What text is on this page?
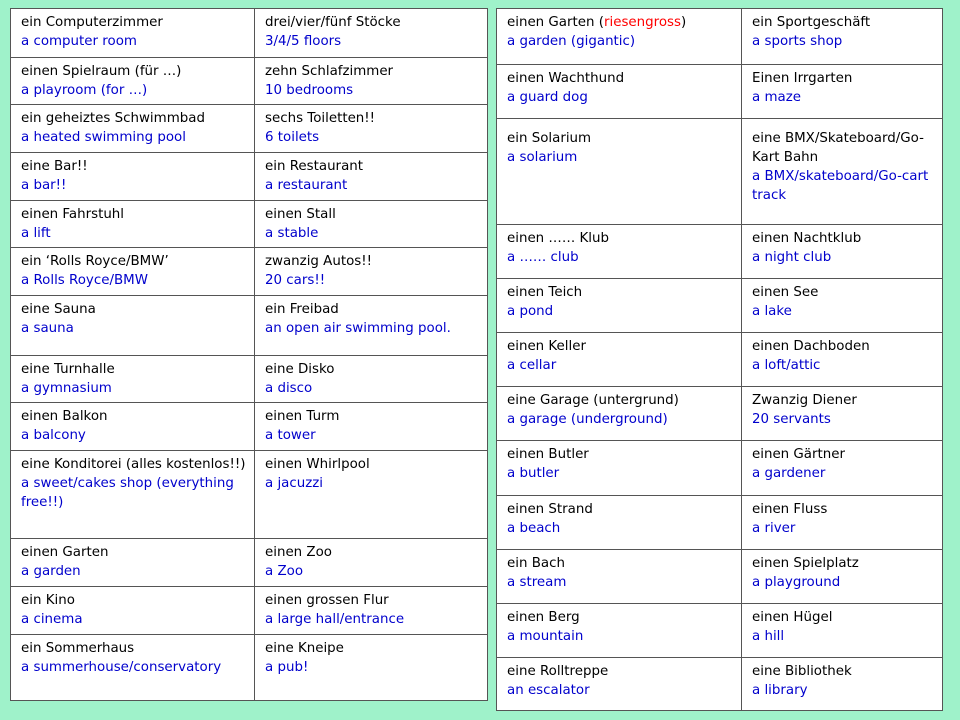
ein Computerzimmer
a computer room	drei/vier/fünf Stöcke
3/4/5 floors

einen Spielraum (für …)
a playroom (for …)	zehn Schlafzimmer
10 bedrooms

ein geheiztes Schwimmbad
a heated swimming pool	sechs Toiletten!!
6 toilets

eine Bar!!
a bar!!	ein Restaurant
a restaurant

einen Fahrstuhl
a lift	einen Stall
a stable

ein ‘Rolls Royce/BMW’
a Rolls Royce/BMW	zwanzig Autos!!
20 cars!!

eine Sauna
a sauna	ein Freibad
an open air swimming pool.

eine Turnhalle
a gymnasium	eine Disko
a disco

einen Balkon
a balcony	einen Turm
a tower

eine Konditorei (alles kostenlos!!)
a sweet/cakes shop (everything free!!)	einen Whirlpool
a jacuzzi

einen Garten
a garden	einen Zoo
a Zoo

ein Kino
a cinema	einen grossen Flur
a large hall/entrance

ein Sommerhaus
a summerhouse/conservatory	eine Kneipe
a pub!
einen Garten (riesengross)
a garden (gigantic)	ein Sportgeschäft
a sports shop

einen Wachthund
a guard dog	Einen Irrgarten
a maze

ein Solarium
a solarium	eine BMX/Skateboard/Go-Kart Bahn
a BMX/skateboard/Go-cart track

einen …… Klub
a …… club	einen Nachtklub
a night club

einen Teich
a pond	einen See
a lake

einen Keller
a cellar	einen Dachboden
a loft/attic

eine Garage (untergrund)
a garage (underground)	Zwanzig Diener
20 servants

einen Butler
a butler	einen Gärtner
a gardener

einen Strand
a beach	einen Fluss
a river

ein Bach
a stream	einen Spielplatz
a playground

einen Berg
a mountain	einen Hügel
a hill

eine Rolltreppe
an escalator	eine Bibliothek
a library
